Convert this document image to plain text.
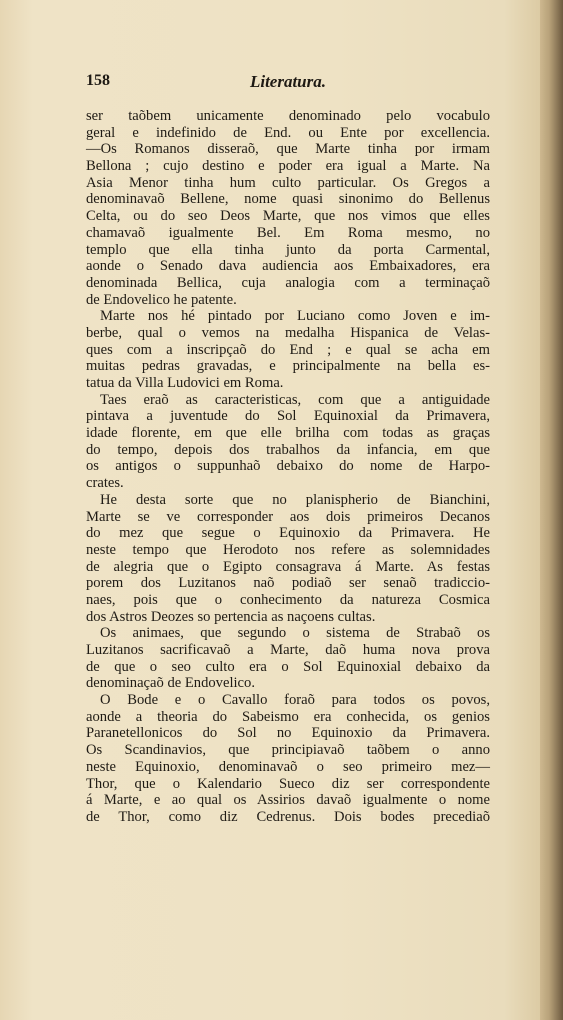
158	Literatura.
ser taõbem unicamente denominado pelo vocabulo
geral e indefinido de End. ou Ente por excellencia.
—Os Romanos disseraõ, que Marte tinha por irmam
Bellona ; cujo destino e poder era igual a Marte. Na
Asia Menor tinha hum culto particular. Os Gregos a
denominavaõ Bellene, nome quasi sinonimo do Bellenus
Celta, ou do seo Deos Marte, que nos vimos que elles
chamavaõ igualmente Bel. Em Roma mesmo, no
templo que ella tinha junto da porta Carmental,
aonde o Senado dava audiencia aos Embaixadores, era
denominada Bellica, cuja analogia com a terminaçaõ
de Endovelico he patente.
Marte nos hé pintado por Luciano como Joven e im-
berbe, qual o vemos na medalha Hispanica de Velas-
ques com a inscripçaõ do End ; e qual se acha em
muitas pedras gravadas, e principalmente na bella es-
tatua da Villa Ludovici em Roma.
Taes eraõ as caracteristicas, com que a antiguidade
pintava a juventude do Sol Equinoxial da Primavera,
idade florente, em que elle brilha com todas as graças
do tempo, depois dos trabalhos da infancia, em que
os antigos o suppunhaõ debaixo do nome de Harpo-
crates.
He desta sorte que no planispherio de Bianchini,
Marte se ve corresponder aos dois primeiros Decanos
do mez que segue o Equinoxio da Primavera. He
neste tempo que Herodoto nos refere as solemnidades
de alegria que o Egipto consagrava á Marte. As festas
porem dos Luzitanos naõ podiaõ ser senaõ tradiccio-
naes, pois que o conhecimento da natureza Cosmica
dos Astros Deozes so pertencia as naçoens cultas.
Os animaes, que segundo o sistema de Strabaõ os
Luzitanos sacrificavaõ a Marte, daõ huma nova prova
de que o seo culto era o Sol Equinoxial debaixo da
denominaçaõ de Endovelico.
O Bode e o Cavallo foraõ para todos os povos,
aonde a theoria do Sabeismo era conhecida, os genios
Paranetellonicos do Sol no Equinoxio da Primavera.
Os Scandinavios, que principiavaõ taõbem o anno
neste Equinoxio, denominavaõ o seo primeiro mez—
Thor, que o Kalendario Sueco diz ser correspondente
á Marte, e ao qual os Assirios davaõ igualmente o nome
de Thor, como diz Cedrenus. Dois bodes precediaõ
